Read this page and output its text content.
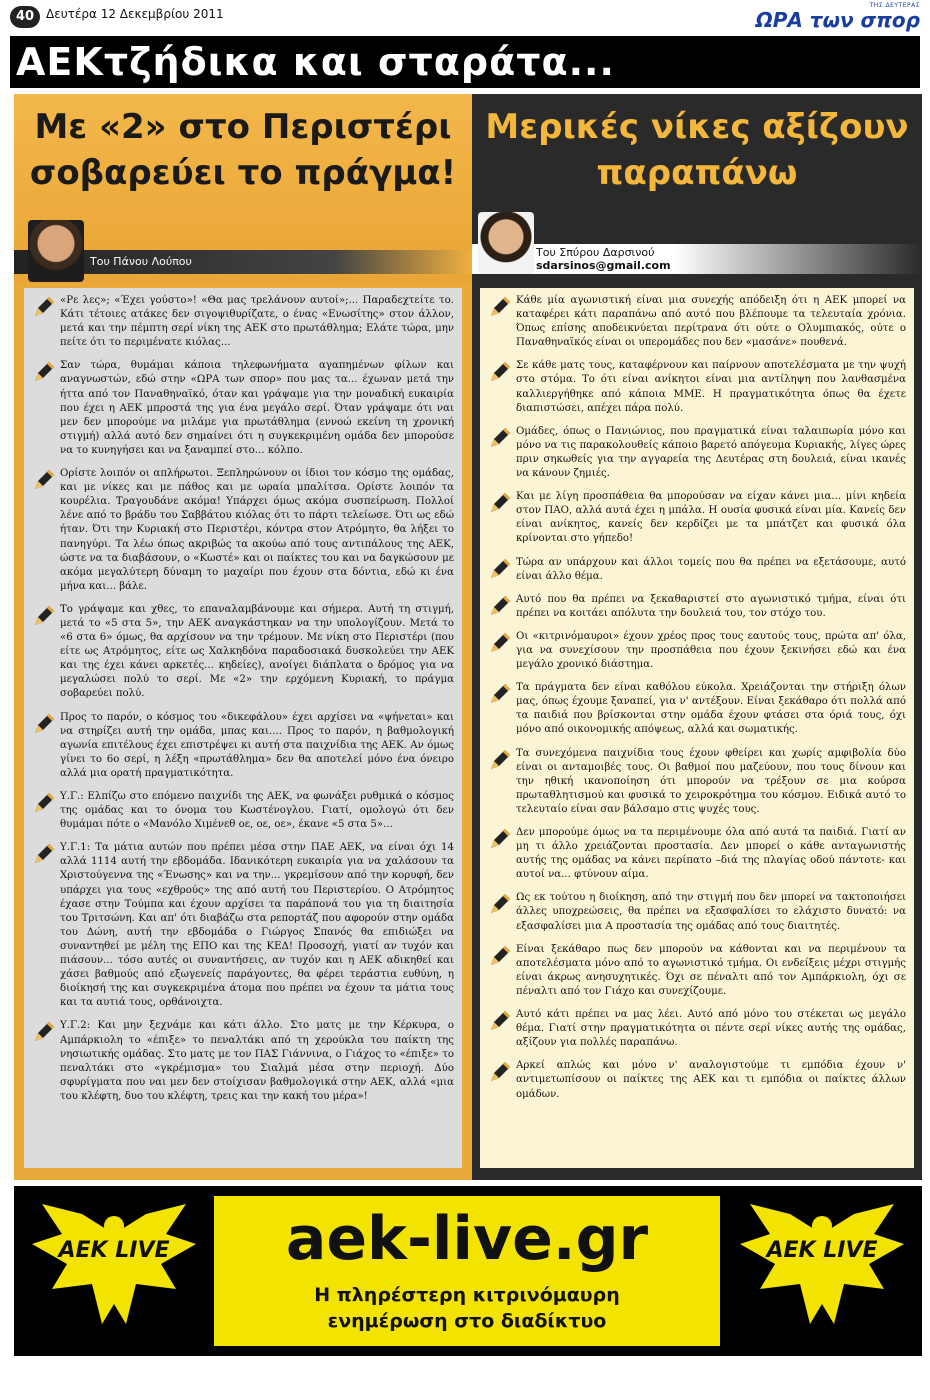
40 Δευτέρα 12 Δεκεμβρίου 2011
ΤΗΣ ΔΕΥΤΕΡΑΣ
ΩΡΑ των σπορ
ΑΕΚτζήδικα και σταράτα...
Με «2» στο Περιστέρι σοβαρεύει το πράγμα!
Του Πάνου Λούπου
«Ρε λες»; «Έχει γούστο»! «Θα μας τρελάνουν αυτοί»;... Παραδεχτείτε το. Κάτι τέτοιες ατάκες δεν σιγοψιθυρίζατε, ο ένας «Ενωσίτης» στον άλλον, μετά και την πέμπτη σερί νίκη της ΑΕΚ στο πρωτάθλημα; Ελάτε τώρα, μην πείτε ότι το περιμένατε κιόλας...
Σαν τώρα, θυμάμαι κάποια τηλεφωνήματα αγαπημένων φίλων και αναγνωστών, εδώ στην «ΩΡΑ των σπορ» που μας τα... έχωναν μετά την ήττα από τον Παναθηναϊκό, όταν και γράψαμε για την μοναδική ευκαιρία που έχει η ΑΕΚ μπροστά της για ένα μεγάλο σερί. Όταν γράψαμε ότι ναι μεν δεν μπορούμε να μιλάμε για πρωτάθλημα (εννοώ εκείνη τη χρονική στιγμή) αλλά αυτό δεν σημαίνει ότι η συγκεκριμένη ομάδα δεν μπορούσε να το κυνηγήσει και να ξαναμπεί στο... κόλπο.
Ορίστε λοιπόν οι απλήρωτοι. Ξεπληρώνουν οι ίδιοι τον κόσμο της ομάδας, και με νίκες και με πάθος και με ωραία μπαλίτσα. Ορίστε λοιπόν τα κουρέλια. Τραγουδάνε ακόμα! Υπάρχει όμως ακόμα συσπείρωση. Πολλοί λένε από το βράδυ του Σαββάτου κιόλας ότι το πάρτι τελείωσε. Ότι ως εδώ ήταν. Ότι την Κυριακή στο Περιστέρι, κόντρα στον Ατρόμητο, θα λήξει το πανηγύρι. Τα λέω όπως ακριβώς τα ακούω από τους αντιπάλους της ΑΕΚ, ώστε να τα διαβάσουν, ο «Κωστέ» και οι παίκτες του και να δαγκώσουν με ακόμα μεγαλύτερη δύναμη το μαχαίρι που έχουν στα δόντια, εδώ κι ένα μήνα και... βάλε.
Το γράψαμε και χθες, το επαναλαμβάνουμε και σήμερα. Αυτή τη στιγμή, μετά το «5 στα 5», την ΑΕΚ αναγκάστηκαν να την υπολογίζουν. Μετά το «6 στα 6» όμως, θα αρχίσουν να την τρέμουν. Με νίκη στο Περιστέρι (που είτε ως Ατρόμητος, είτε ως Χαλκηδόνα παραδοσιακά δυσκολεύει την ΑΕΚ και της έχει κάνει αρκετές... κηδείες), ανοίγει διάπλατα ο δρόμος για να μεγαλώσει πολύ το σερί. Με «2» την ερχόμενη Κυριακή, το πράγμα σοβαρεύει πολύ.
Προς το παρόν, ο κόσμος του «δικεφάλου» έχει αρχίσει να «ψήνεται» και να στηρίζει αυτή την ομάδα, μπας και.... Προς το παρόν, η βαθμολογική αγωνία επιτέλους έχει επιστρέψει κι αυτή στα παιχνίδια της ΑΕΚ. Αν όμως γίνει το 6ο σερί, η λέξη «πρωτάθλημα» δεν θα αποτελεί μόνο ένα όνειρο αλλά μια ορατή πραγματικότητα.
Υ.Γ.: Ελπίζω στο επόμενο παιχνίδι της ΑΕΚ, να φωνάξει ρυθμικά ο κόσμος της ομάδας και το όνομα του Κωστένογλου. Γιατί, ομολογώ ότι δεν θυμάμαι πότε ο «Μανόλο Χιμένεθ οε, οε, οε», έκανε «5 στα 5»...
Υ.Γ.1: Τα μάτια αυτών που πρέπει μέσα στην ΠΑΕ ΑΕΚ, να είναι όχι 14 αλλά 1114 αυτή την εβδομάδα. Ιδανικότερη ευκαιρία για να χαλάσουν τα Χριστούγεννα της «Ένωσης» και να την... γκρεμίσουν από την κορυφή, δεν υπάρχει για τους «εχθρούς» της από αυτή του Περιστερίου. Ο Ατρόμητος έχασε στην Τούμπα και έχουν αρχίσει τα παράπονά του για τη διαιτησία του Τριτσώνη. Και απ' ότι διαβάζω στα ρεπορτάζ που αφορούν στην ομάδα του Δώνη, αυτή την εβδομάδα ο Γιώργος Σπανός θα επιδιώξει να συναντηθεί με μέλη της ΕΠΟ και της ΚΕΔ! Προσοχή, γιατί αν τυχόν και πιάσουν... τόσο αυτές οι συναντήσεις, αν τυχόν και η ΑΕΚ αδικηθεί και χάσει βαθμούς από εξωγενείς παράγοντες, θα φέρει τεράστια ευθύνη, η διοίκησή της και συγκεκριμένα άτομα που πρέπει να έχουν τα μάτια τους και τα αυτιά τους, ορθάνοιχτα.
Υ.Γ.2: Και μην ξεχνάμε και κάτι άλλο. Στο ματς με την Κέρκυρα, ο Αμπάρκιολη το «έπιξε» το πεναλτάκι από τη χερούκλα του παίκτη της νησιωτικής ομάδας. Στο ματς με τον ΠΑΣ Γιάννινα, ο Γιάχος το «έπιξε» το πεναλτάκι στο «γκρέμισμα» του Σιαλμά μέσα στην περιοχή. Δύο σφυρίγματα που ναι μεν δεν στοίχισαν βαθμολογικά στην ΑΕΚ, αλλά «μια του κλέφτη, δυο του κλέφτη, τρεις και την κακή του μέρα»!
Μερικές νίκες αξίζουν παραπάνω
Του Σπύρου Δαρσινού
sdarsinos@gmail.com
Κάθε μία αγωνιστική είναι μια συνεχής απόδειξη ότι η ΑΕΚ μπορεί να καταφέρει κάτι παραπάνω από αυτό που βλέπουμε τα τελευταία χρόνια. Όπως επίσης αποδεικνύεται περίτρανα ότι ούτε ο Ολυμπιακός, ούτε ο Παναθηναϊκός είναι οι υπερομάδες που δεν «μασάνε» πουθενά.
Σε κάθε ματς τους, καταφέρνουν και παίρνουν αποτελέσματα με την ψυχή στο στόμα. Το ότι είναι ανίκητοι είναι μια αντίληψη που λανθασμένα καλλιεργήθηκε από κάποια ΜΜΕ. Η πραγματικότητα όπως θα έχετε διαπιστώσει, απέχει πάρα πολύ.
Ομάδες, όπως ο Πανιώνιος, που πραγματικά είναι ταλαιπωρία μόνο και μόνο να τις παρακολουθείς κάποιο βαρετό απόγευμα Κυριακής, λίγες ώρες πριν σηκωθείς για την αγγαρεία της Δευτέρας στη δουλειά, είναι ικανές να κάνουν ζημιές.
Και με λίγη προσπάθεια θα μπορούσαν να είχαν κάνει μια... μίνι κηδεία στον ΠΑΟ, αλλά αυτά έχει η μπάλα. Η ουσία φυσικά είναι μία. Κανείς δεν είναι ανίκητος, κανείς δεν κερδίζει με τα μπάτζετ και φυσικά όλα κρίνονται στο γήπεδο!
Τώρα αν υπάρχουν και άλλοι τομείς που θα πρέπει να εξετάσουμε, αυτό είναι άλλο θέμα.
Αυτό που θα πρέπει να ξεκαθαριστεί στο αγωνιστικό τμήμα, είναι ότι πρέπει να κοιτάει απόλυτα την δουλειά του, τον στόχο του.
Οι «κιτρινόμαυροι» έχουν χρέος προς τους εαυτούς τους, πρώτα απ' όλα, για να συνεχίσουν την προσπάθεια που έχουν ξεκινήσει εδώ και ένα μεγάλο χρονικό διάστημα.
Τα πράγματα δεν είναι καθόλου εύκολα. Χρειάζονται την στήριξη όλων μας, όπως έχουμε ξαναπεί, για ν' αντέξουν. Είναι ξεκάθαρο ότι πολλά από τα παιδιά που βρίσκονται στην ομάδα έχουν φτάσει στα όριά τους, όχι μόνο από οικονομικής απόψεως, αλλά και σωματικής.
Τα συνεχόμενα παιχνίδια τους έχουν φθείρει και χωρίς αμφιβολία δύο είναι οι ανταμοιβές τους. Οι βαθμοί που μαζεύουν, που τους δίνουν και την ηθική ικανοποίηση ότι μπορούν να τρέξουν σε μια κούρσα πρωταθλητισμού και φυσικά το χειροκρότημα του κόσμου. Ειδικά αυτό το τελευταίο είναι σαν βάλσαμο στις ψυχές τους.
Δεν μπορούμε όμως να τα περιμένουμε όλα από αυτά τα παιδιά. Γιατί αν μη τι άλλο χρειάζονται προστασία. Δεν μπορεί ο κάθε ανταγωνιστής αυτής της ομάδας να κάνει περίπατο –διά της πλαγίας οδού πάντοτε- και αυτοί να... φτύνουν αίμα.
Ως εκ τούτου η διοίκηση, από την στιγμή που δεν μπορεί να τακτοποιήσει άλλες υποχρεώσεις, θα πρέπει να εξασφαλίσει το ελάχιστο δυνατό: να εξασφαλίσει μια Α προστασία της ομάδας από τους διαιτητές.
Είναι ξεκάθαρο πως δεν μπορούν να κάθονται και να περιμένουν τα αποτελέσματα μόνο από το αγωνιστικό τμήμα. Οι ενδείξεις μέχρι στιγμής είναι άκρως ανησυχητικές. Όχι σε πέναλτι από τον Αμπάρκιολη, όχι σε πέναλτι από τον Γιάχο και συνεχίζουμε.
Αυτό κάτι πρέπει να μας λέει. Αυτό από μόνο του στέκεται ως μεγάλο θέμα. Γιατί στην πραγματικότητα οι πέντε σερί νίκες αυτής της ομάδας, αξίζουν για πολλές παραπάνω.
Αρκεί απλώς και μόνο ν' αναλογιστούμε τι εμπόδια έχουν ν' αντιμετωπίσουν οι παίκτες της ΑΕΚ και τι εμπόδια οι παίκτες άλλων ομάδων.
AEK LIVE	aek-live.gr
Η πληρέστερη κιτρινόμαυρη
ενημέρωση στο διαδίκτυο
AEK LIVE
